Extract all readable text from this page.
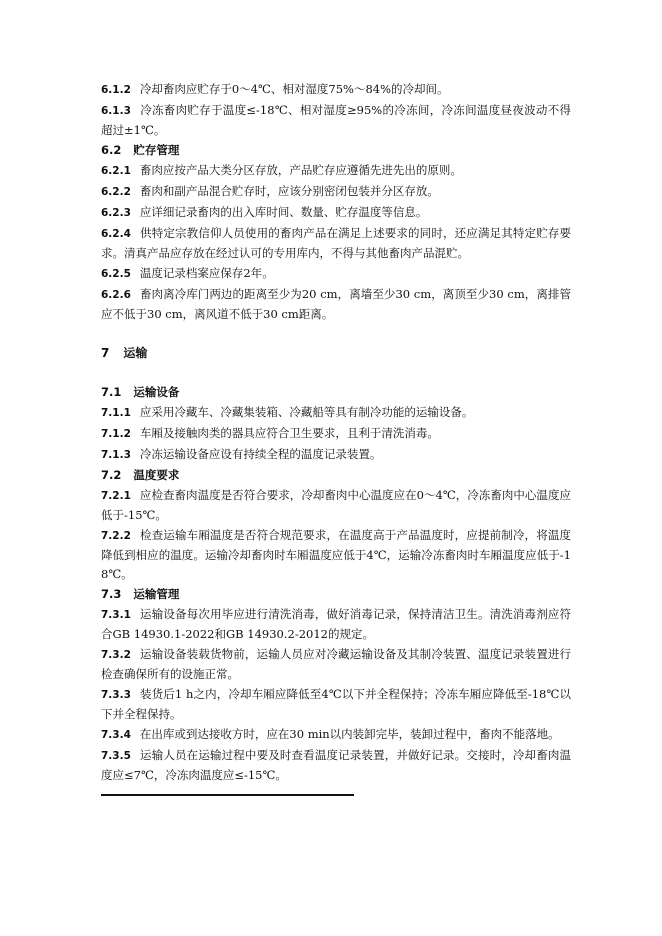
6.1.2 冷却畜肉应贮存于0～4℃、相对湿度75%～84%的冷却间。

6.1.3 冷冻畜肉贮存于温度≤-18℃、相对湿度≥95%的冷冻间，冷冻间温度昼夜波动不得超过±1℃。

6.2 贮存管理

6.2.1 畜肉应按产品大类分区存放，产品贮存应遵循先进先出的原则。

6.2.2 畜肉和副产品混合贮存时，应该分别密闭包装并分区存放。

6.2.3 应详细记录畜肉的出入库时间、数量、贮存温度等信息。

6.2.4 供特定宗教信仰人员使用的畜肉产品在满足上述要求的同时，还应满足其特定贮存要求。清真产品应存放在经过认可的专用库内，不得与其他畜肉产品混贮。

6.2.5 温度记录档案应保存2年。

6.2.6 畜肉离冷库门两边的距离至少为20 cm，离墙至少30 cm，离顶至少30 cm，离排管应不低于30 cm，离风道不低于30 cm距离。

7 运输
7.1 运输设备

7.1.1 应采用冷藏车、冷藏集装箱、冷藏船等具有制冷功能的运输设备。

7.1.2 车厢及接触肉类的器具应符合卫生要求，且利于清洗消毒。

7.1.3 冷冻运输设备应设有持续全程的温度记录装置。

7.2 温度要求

7.2.1 应检查畜肉温度是否符合要求，冷却畜肉中心温度应在0～4℃，冷冻畜肉中心温度应低于-15℃。

7.2.2 检查运输车厢温度是否符合规范要求，在温度高于产品温度时，应提前制冷，将温度降低到相应的温度。运输冷却畜肉时车厢温度应低于4℃，运输冷冻畜肉时车厢温度应低于-18℃。

7.3 运输管理

7.3.1 运输设备每次用毕应进行清洗消毒，做好消毒记录，保持清洁卫生。清洗消毒剂应符合GB 14930.1-2022和GB 14930.2-2012的规定。

7.3.2 运输设备装载货物前，运输人员应对冷藏运输设备及其制冷装置、温度记录装置进行检查确保所有的设施正常。

7.3.3 装货后1 h之内，冷却车厢应降低至4℃以下并全程保持；冷冻车厢应降低至-18℃以下并全程保持。

7.3.4 在出库或到达接收方时，应在30 min以内装卸完毕，装卸过程中，畜肉不能落地。

7.3.5 运输人员在运输过程中要及时查看温度记录装置，并做好记录。交接时，冷却畜肉温度应≤7℃，冷冻肉温度应≤-15℃。
